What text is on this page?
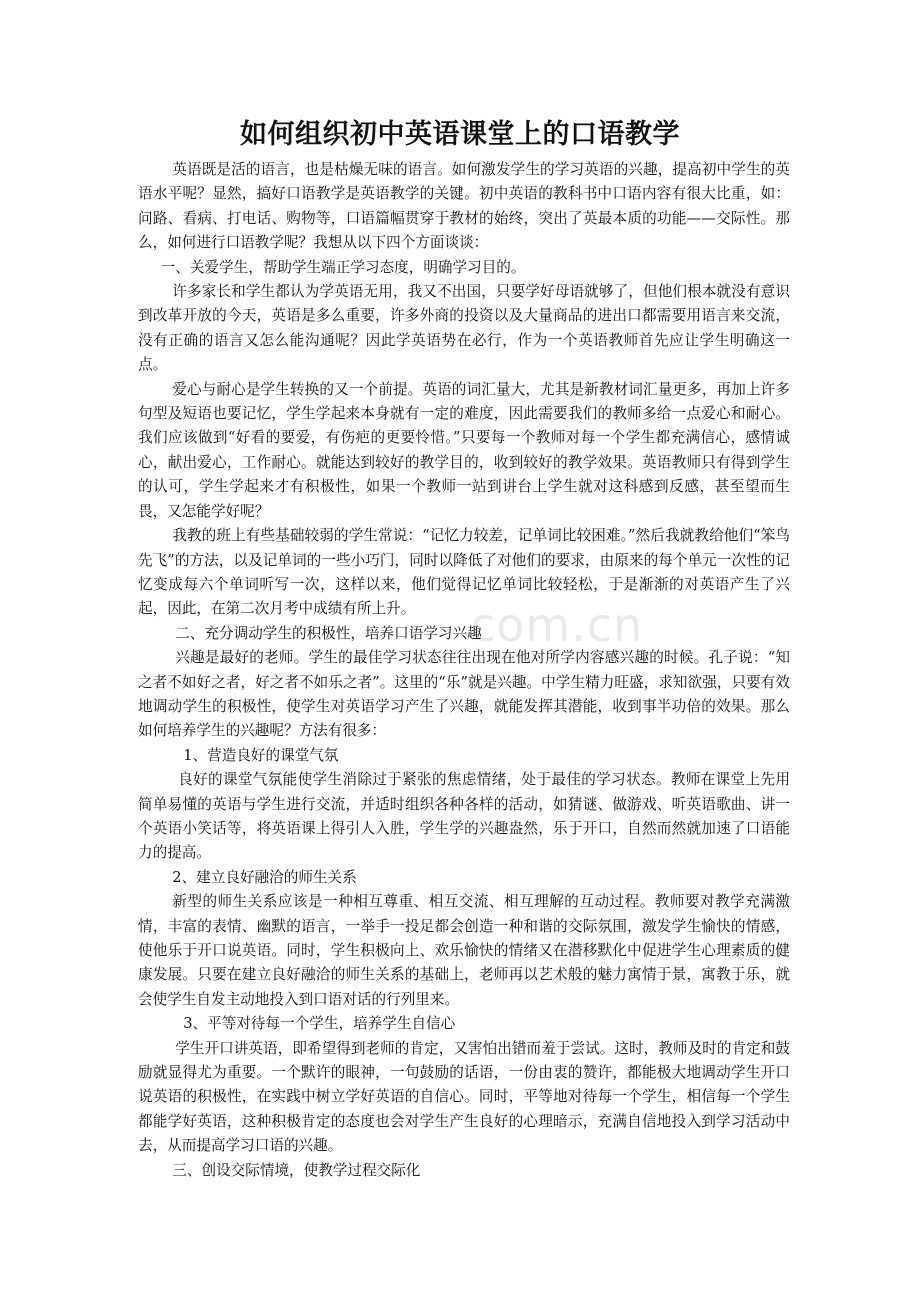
com.cn
如何组织初中英语课堂上的口语教学

英语既是活的语言，也是枯燥无味的语言。如何激发学生的学习英语的兴趣，提高初中学生的英语水平呢？显然，搞好口语教学是英语教学的关键。初中英语的教科书中口语内容有很大比重，如：问路、看病、打电话、购物等，口语篇幅贯穿于教材的始终，突出了英最本质的功能——交际性。那么，如何进行口语教学呢？我想从以下四个方面谈谈：

一、关爱学生，帮助学生端正学习态度，明确学习目的。

许多家长和学生都认为学英语无用，我又不出国，只要学好母语就够了，但他们根本就没有意识到改革开放的今天，英语是多么重要，许多外商的投资以及大量商品的进出口都需要用语言来交流，没有正确的语言又怎么能沟通呢？因此学英语势在必行，作为一个英语教师首先应让学生明确这一点。

爱心与耐心是学生转换的又一个前提。英语的词汇量大，尤其是新教材词汇量更多，再加上许多句型及短语也要记忆，学生学起来本身就有一定的难度，因此需要我们的教师多给一点爱心和耐心。我们应该做到“好看的要爱，有伤疤的更要怜惜。”只要每一个教师对每一个学生都充满信心，感情诚心，献出爱心，工作耐心。就能达到较好的教学目的，收到较好的教学效果。英语教师只有得到学生的认可，学生学起来才有积极性，如果一个教师一站到讲台上学生就对这科感到反感，甚至望而生畏，又怎能学好呢？

我教的班上有些基础较弱的学生常说：“记忆力较差，记单词比较困难。”然后我就教给他们“笨鸟先飞”的方法，以及记单词的一些小巧门，同时以降低了对他们的要求，由原来的每个单元一次性的记忆变成每六个单词听写一次，这样以来，他们觉得记忆单词比较轻松，于是渐渐的对英语产生了兴起，因此，在第二次月考中成绩有所上升。

二、充分调动学生的积极性，培养口语学习兴趣

兴趣是最好的老师。学生的最佳学习状态往往出现在他对所学内容感兴趣的时候。孔子说：“知之者不如好之者，好之者不如乐之者”。这里的“乐”就是兴趣。中学生精力旺盛，求知欲强，只要有效地调动学生的积极性，使学生对英语学习产生了兴趣，就能发挥其潜能，收到事半功倍的效果。那么如何培养学生的兴趣呢？方法有很多：

1、营造良好的课堂气氛

良好的课堂气氛能使学生消除过于紧张的焦虑情绪，处于最佳的学习状态。教师在课堂上先用简单易懂的英语与学生进行交流，并适时组织各种各样的活动，如猜谜、做游戏、听英语歌曲、讲一个英语小笑话等，将英语课上得引人入胜，学生学的兴趣盎然，乐于开口，自然而然就加速了口语能力的提高。

2、建立良好融洽的师生关系

新型的师生关系应该是一种相互尊重、相互交流、相互理解的互动过程。教师要对教学充满激情，丰富的表情、幽默的语言，一举手一投足都会创造一种和谐的交际氛围，激发学生愉快的情感，使他乐于开口说英语。同时，学生积极向上、欢乐愉快的情绪又在潜移默化中促进学生心理素质的健康发展。只要在建立良好融洽的师生关系的基础上，老师再以艺术般的魅力寓情于景，寓教于乐，就会使学生自发主动地投入到口语对话的行列里来。

3、平等对待每一个学生，培养学生自信心

学生开口讲英语，即希望得到老师的肯定，又害怕出错而羞于尝试。这时，教师及时的肯定和鼓励就显得尤为重要。一个默许的眼神，一句鼓励的话语，一份由衷的赞许，都能极大地调动学生开口说英语的积极性，在实践中树立学好英语的自信心。同时，平等地对待每一个学生，相信每一个学生都能学好英语，这种积极肯定的态度也会对学生产生良好的心理暗示，充满自信地投入到学习活动中去，从而提高学习口语的兴趣。

三、创设交际情境，使教学过程交际化
